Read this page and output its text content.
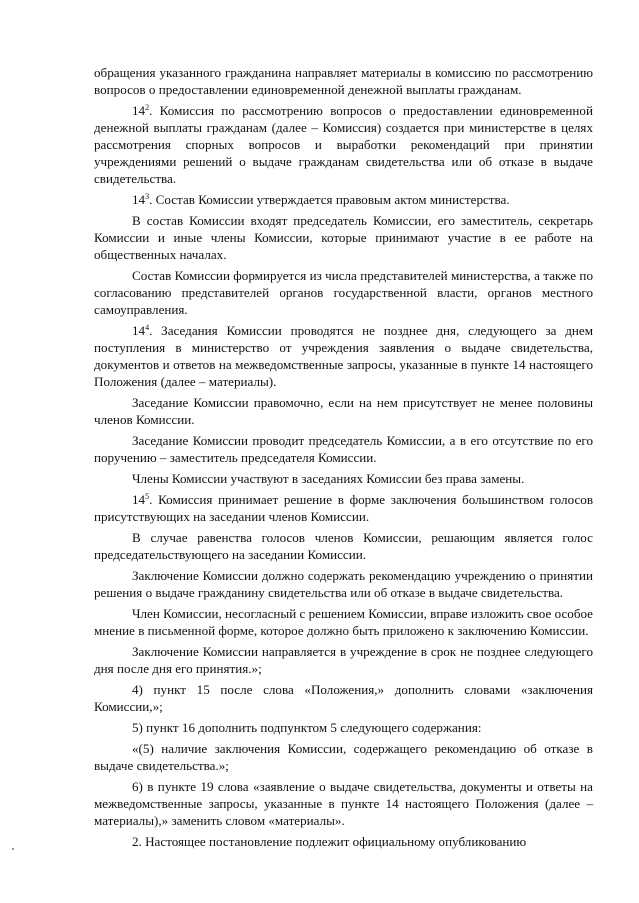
обращения указанного гражданина направляет материалы в комиссию по рассмотрению вопросов о предоставлении единовременной денежной выплаты гражданам.

$14^2$. Комиссия по рассмотрению вопросов о предоставлении единовременной денежной выплаты гражданам (далее – Комиссия) создается при министерстве в целях рассмотрения спорных вопросов и выработки рекомендаций при принятии учреждениями решений о выдаче гражданам свидетельства или об отказе в выдаче свидетельства.

$14^3$. Состав Комиссии утверждается правовым актом министерства.

В состав Комиссии входят председатель Комиссии, его заместитель, секретарь Комиссии и иные члены Комиссии, которые принимают участие в ее работе на общественных началах.

Состав Комиссии формируется из числа представителей министерства, а также по согласованию представителей органов государственной власти, органов местного самоуправления.

$14^4$. Заседания Комиссии проводятся не позднее дня, следующего за днем поступления в министерство от учреждения заявления о выдаче свидетельства, документов и ответов на межведомственные запросы, указанные в пункте 14 настоящего Положения (далее – материалы).

Заседание Комиссии правомочно, если на нем присутствует не менее половины членов Комиссии.

Заседание Комиссии проводит председатель Комиссии, а в его отсутствие по его поручению – заместитель председателя Комиссии.

Члены Комиссии участвуют в заседаниях Комиссии без права замены.

$14^5$. Комиссия принимает решение в форме заключения большинством голосов присутствующих на заседании членов Комиссии.

В случае равенства голосов членов Комиссии, решающим является голос председательствующего на заседании Комиссии.

Заключение Комиссии должно содержать рекомендацию учреждению о принятии решения о выдаче гражданину свидетельства или об отказе в выдаче свидетельства.

Член Комиссии, несогласный с решением Комиссии, вправе изложить свое особое мнение в письменной форме, которое должно быть приложено к заключению Комиссии.

Заключение Комиссии направляется в учреждение в срок не позднее следующего дня после дня его принятия.»;

4) пункт 15 после слова «Положения,» дополнить словами «заключения Комиссии,»;

5) пункт 16 дополнить подпунктом 5 следующего содержания:

«(5) наличие заключения Комиссии, содержащего рекомендацию об отказе в выдаче свидетельства.»;

6) в пункте 19 слова «заявление о выдаче свидетельства, документы и ответы на межведомственные запросы, указанные в пункте 14 настоящего Положения (далее – материалы),» заменить словом «материалы».

2. Настоящее постановление подлежит официальному опубликованию
